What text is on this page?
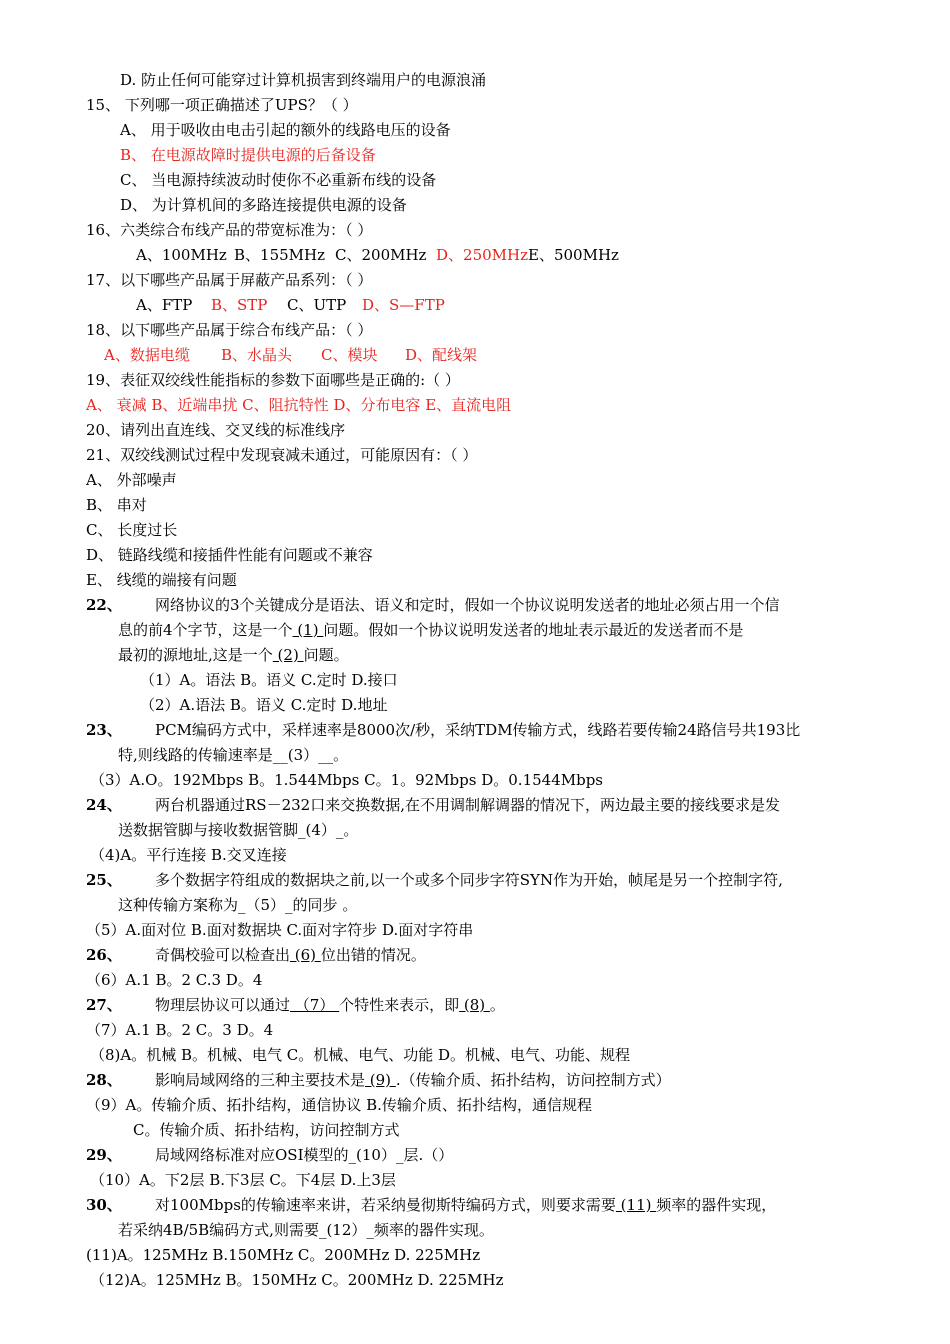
D. 防止任何可能穿过计算机损害到终端用户的电源浪涌
15、 下列哪一项正确描述了UPS？（ ）
A、 用于吸收由电击引起的额外的线路电压的设备
B、 在电源故障时提供电源的后备设备
C、 当电源持续波动时使你不必重新布线的设备
D、 为计算机间的多路连接提供电源的设备
16、六类综合布线产品的带宽标准为：（ ）
A、100MHz B、155MHz C、200MHz D、250MHzE、500MHz
17、以下哪些产品属于屏蔽产品系列：（ ）
A、FTP B、STP C、UTP D、S—FTP
18、以下哪些产品属于综合布线产品：（ ）
A、数据电缆 B、水晶头 C、模块 D、配线架
19、表征双绞线性能指标的参数下面哪些是正确的:（ ）
A、 衰减 B、近端串扰 C、阻抗特性 D、分布电容 E、直流电阻
20、请列出直连线、交叉线的标准线序
21、双绞线测试过程中发现衰减未通过，可能原因有：（ ）
A、 外部噪声
B、 串对
C、 长度过长
D、 链路线缆和接插件性能有问题或不兼容
E、 线缆的端接有问题
22、 网络协议的3个关键成分是语法、语义和定时，假如一个协议说明发送者的地址必须占用一个信
息的前4个字节，这是一个 (1) 问题。假如一个协议说明发送者的地址表示最近的发送者而不是
最初的源地址,这是一个 (2) 问题。
（1）A。语法 B。语义 C.定时 D.接口
（2）A.语法 B。语义 C.定时 D.地址
23、 PCM编码方式中，采样速率是8000次/秒，采纳TDM传输方式，线路若要传输24路信号共193比
特,则线路的传输速率是__(3）__。
（3）A.O。192Mbps B。1.544Mbps C。1。92Mbps D。0.1544Mbps
24、 两台机器通过RS－232口来交换数据,在不用调制解调器的情况下，两边最主要的接线要求是发
送数据管脚与接收数据管脚_(4）_。
（4)A。平行连接 B.交叉连接
25、 多个数据字符组成的数据块之前,以一个或多个同步字符SYN作为开始，帧尾是另一个控制字符,
这种传输方案称为_（5）_的同步 。
（5）A.面对位 B.面对数据块 C.面对字符步 D.面对字符串
26、 奇偶校验可以检查出 (6) 位出错的情况。
（6）A.1 B。2 C.3 D。4
27、 物理层协议可以通过 （7） 个特性来表示，即 (8) 。
（7）A.1 B。2 C。3 D。4
（8)A。机械 B。机械、电气 C。机械、电气、功能 D。机械、电气、功能、规程
28、 影响局域网络的三种主要技术是 (9) .（传输介质、拓扑结构，访问控制方式）
（9）A。传输介质、拓扑结构，通信协议 B.传输介质、拓扑结构，通信规程
C。传输介质、拓扑结构，访问控制方式
29、 局域网络标准对应OSI模型的_(10）_层.（）
（10）A。下2层 B.下3层 C。下4层 D.上3层
30、 对100Mbps的传输速率来讲，若采纳曼彻斯特编码方式，则要求需要 (11) 频率的器件实现，
若采纳4B/5B编码方式,则需要_(12）_频率的器件实现。
(11)A。125MHz B.150MHz C。200MHz D. 225MHz
（12)A。125MHz B。150MHz C。200MHz D. 225MHz
